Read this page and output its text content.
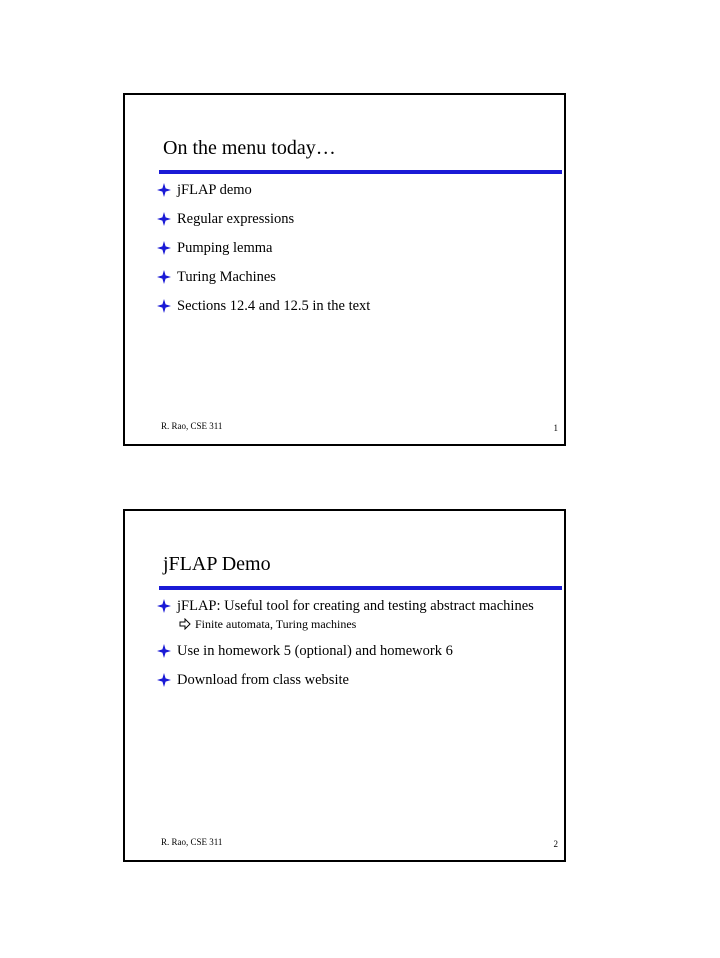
On the menu today…
jFLAP demo
Regular expressions
Pumping lemma
Turing Machines
Sections 12.4 and 12.5 in the text
R. Rao, CSE 311	1
jFLAP Demo
jFLAP: Useful tool for creating and testing abstract machines
Finite automata, Turing machines
Use in homework 5 (optional) and homework 6
Download from class website
R. Rao, CSE 311	2
